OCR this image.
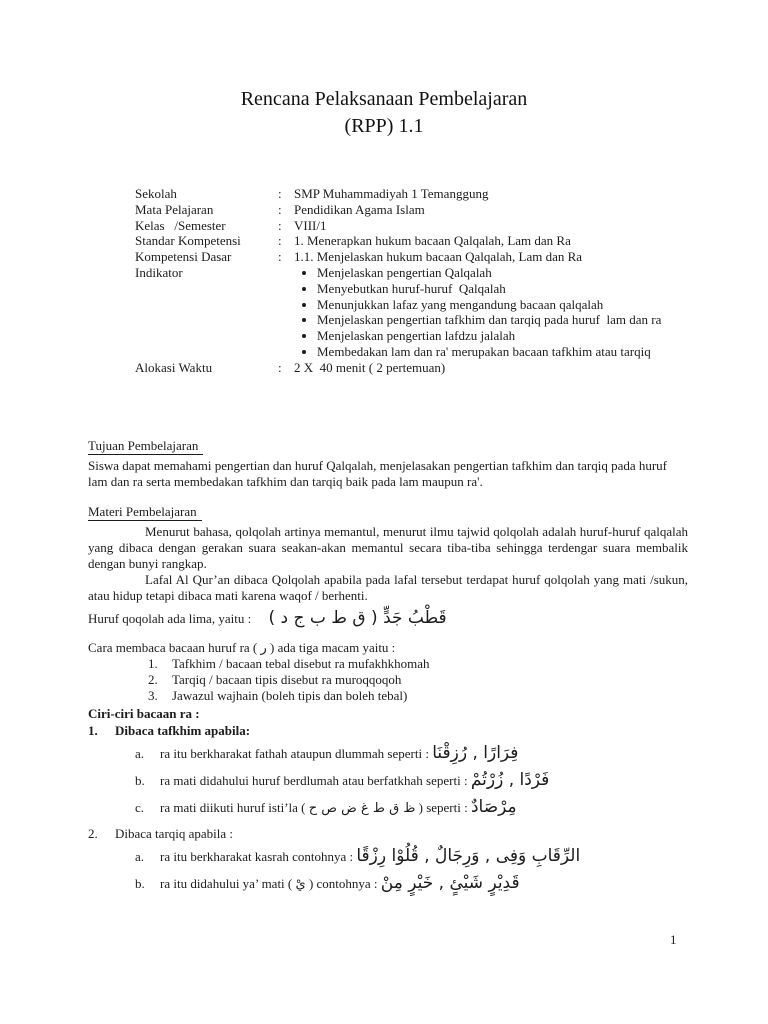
Rencana Pelaksanaan Pembelajaran
(RPP) 1.1
Sekolah	: SMP Muhammadiyah 1 Temanggung
Mata Pelajaran	: Pendidikan Agama Islam
Kelas   /Semester	: VIII/1
Standar Kompetensi	: 1. Menerapkan hukum bacaan Qalqalah, Lam dan Ra
Kompetensi Dasar	: 1.1. Menjelaskan hukum bacaan Qalqalah, Lam dan Ra
Indikator	• Menjelaskan pengertian Qalqalah
• Menyebutkan huruf-huruf  Qalqalah
• Menunjukkan lafaz yang mengandung bacaan qalqalah
• Menjelaskan pengertian tafkhim dan tarqiq pada huruf  lam dan ra
• Menjelaskan pengertian lafdzu jalalah
• Membedakan lam dan ra' merupakan bacaan tafkhim atau tarqiq
Alokasi Waktu	: 2 X  40 menit ( 2 pertemuan)
Tujuan Pembelajaran

Siswa dapat memahami pengertian dan huruf Qalqalah, menjelasakan pengertian tafkhim dan tarqiq pada huruf lam dan ra serta membedakan tafkhim dan tarqiq baik pada lam maupun ra'.

Materi Pembelajaran

Menurut bahasa, qolqolah artinya memantul, menurut ilmu tajwid qolqolah adalah huruf-huruf qalqalah yang dibaca dengan gerakan suara seakan-akan memantul secara tiba-tiba sehingga terdengar suara membalik dengan bunyi rangkap.

Lafal Al Qur’an dibaca Qolqolah apabila pada lafal tersebut terdapat huruf qolqolah yang mati /sukun, atau hidup tetapi dibaca mati karena waqof / berhenti.

Huruf qoqolah ada lima, yaitu : ( د ج ب ط ق ) جَدٍّ قَطْبُ
Cara membaca bacaan huruf ra ( ر ) ada tiga macam yaitu :
1.	Tafkhim / bacaan tebal disebut ra mufakhkhomah
2.	Tarqiq / bacaan tipis disebut ra muroqqoqoh
3.	Jawazul wajhain (boleh tipis dan boleh tebal)
Ciri-ciri bacaan ra :
1.	Dibaca tafkhim apabila:
a.	ra itu berkharakat fathah ataupun dlummah seperti : رُزِقْنَا , فِرَارًا
b.	ra mati didahului huruf berdlumah atau berfatkhah seperti : زُرْتُمْ , فَرْدًا
c.	ra mati diikuti huruf isti’la ( ح ص ض غ ط ق ظ ) seperti : مِرْصَادٌ
2.	Dibaca tarqiq apabila :
a.	ra itu berkharakat kasrah contohnya : رِزْقًا قُلُوْا , وَرِجَالٌ , وَفِى الرِّقَابِ
b.	ra itu didahului ya’ mati ( يْ ) contohnya : مِنْ خَيْرٍ , شَيْئٍ قَدِيْرٍ
1
